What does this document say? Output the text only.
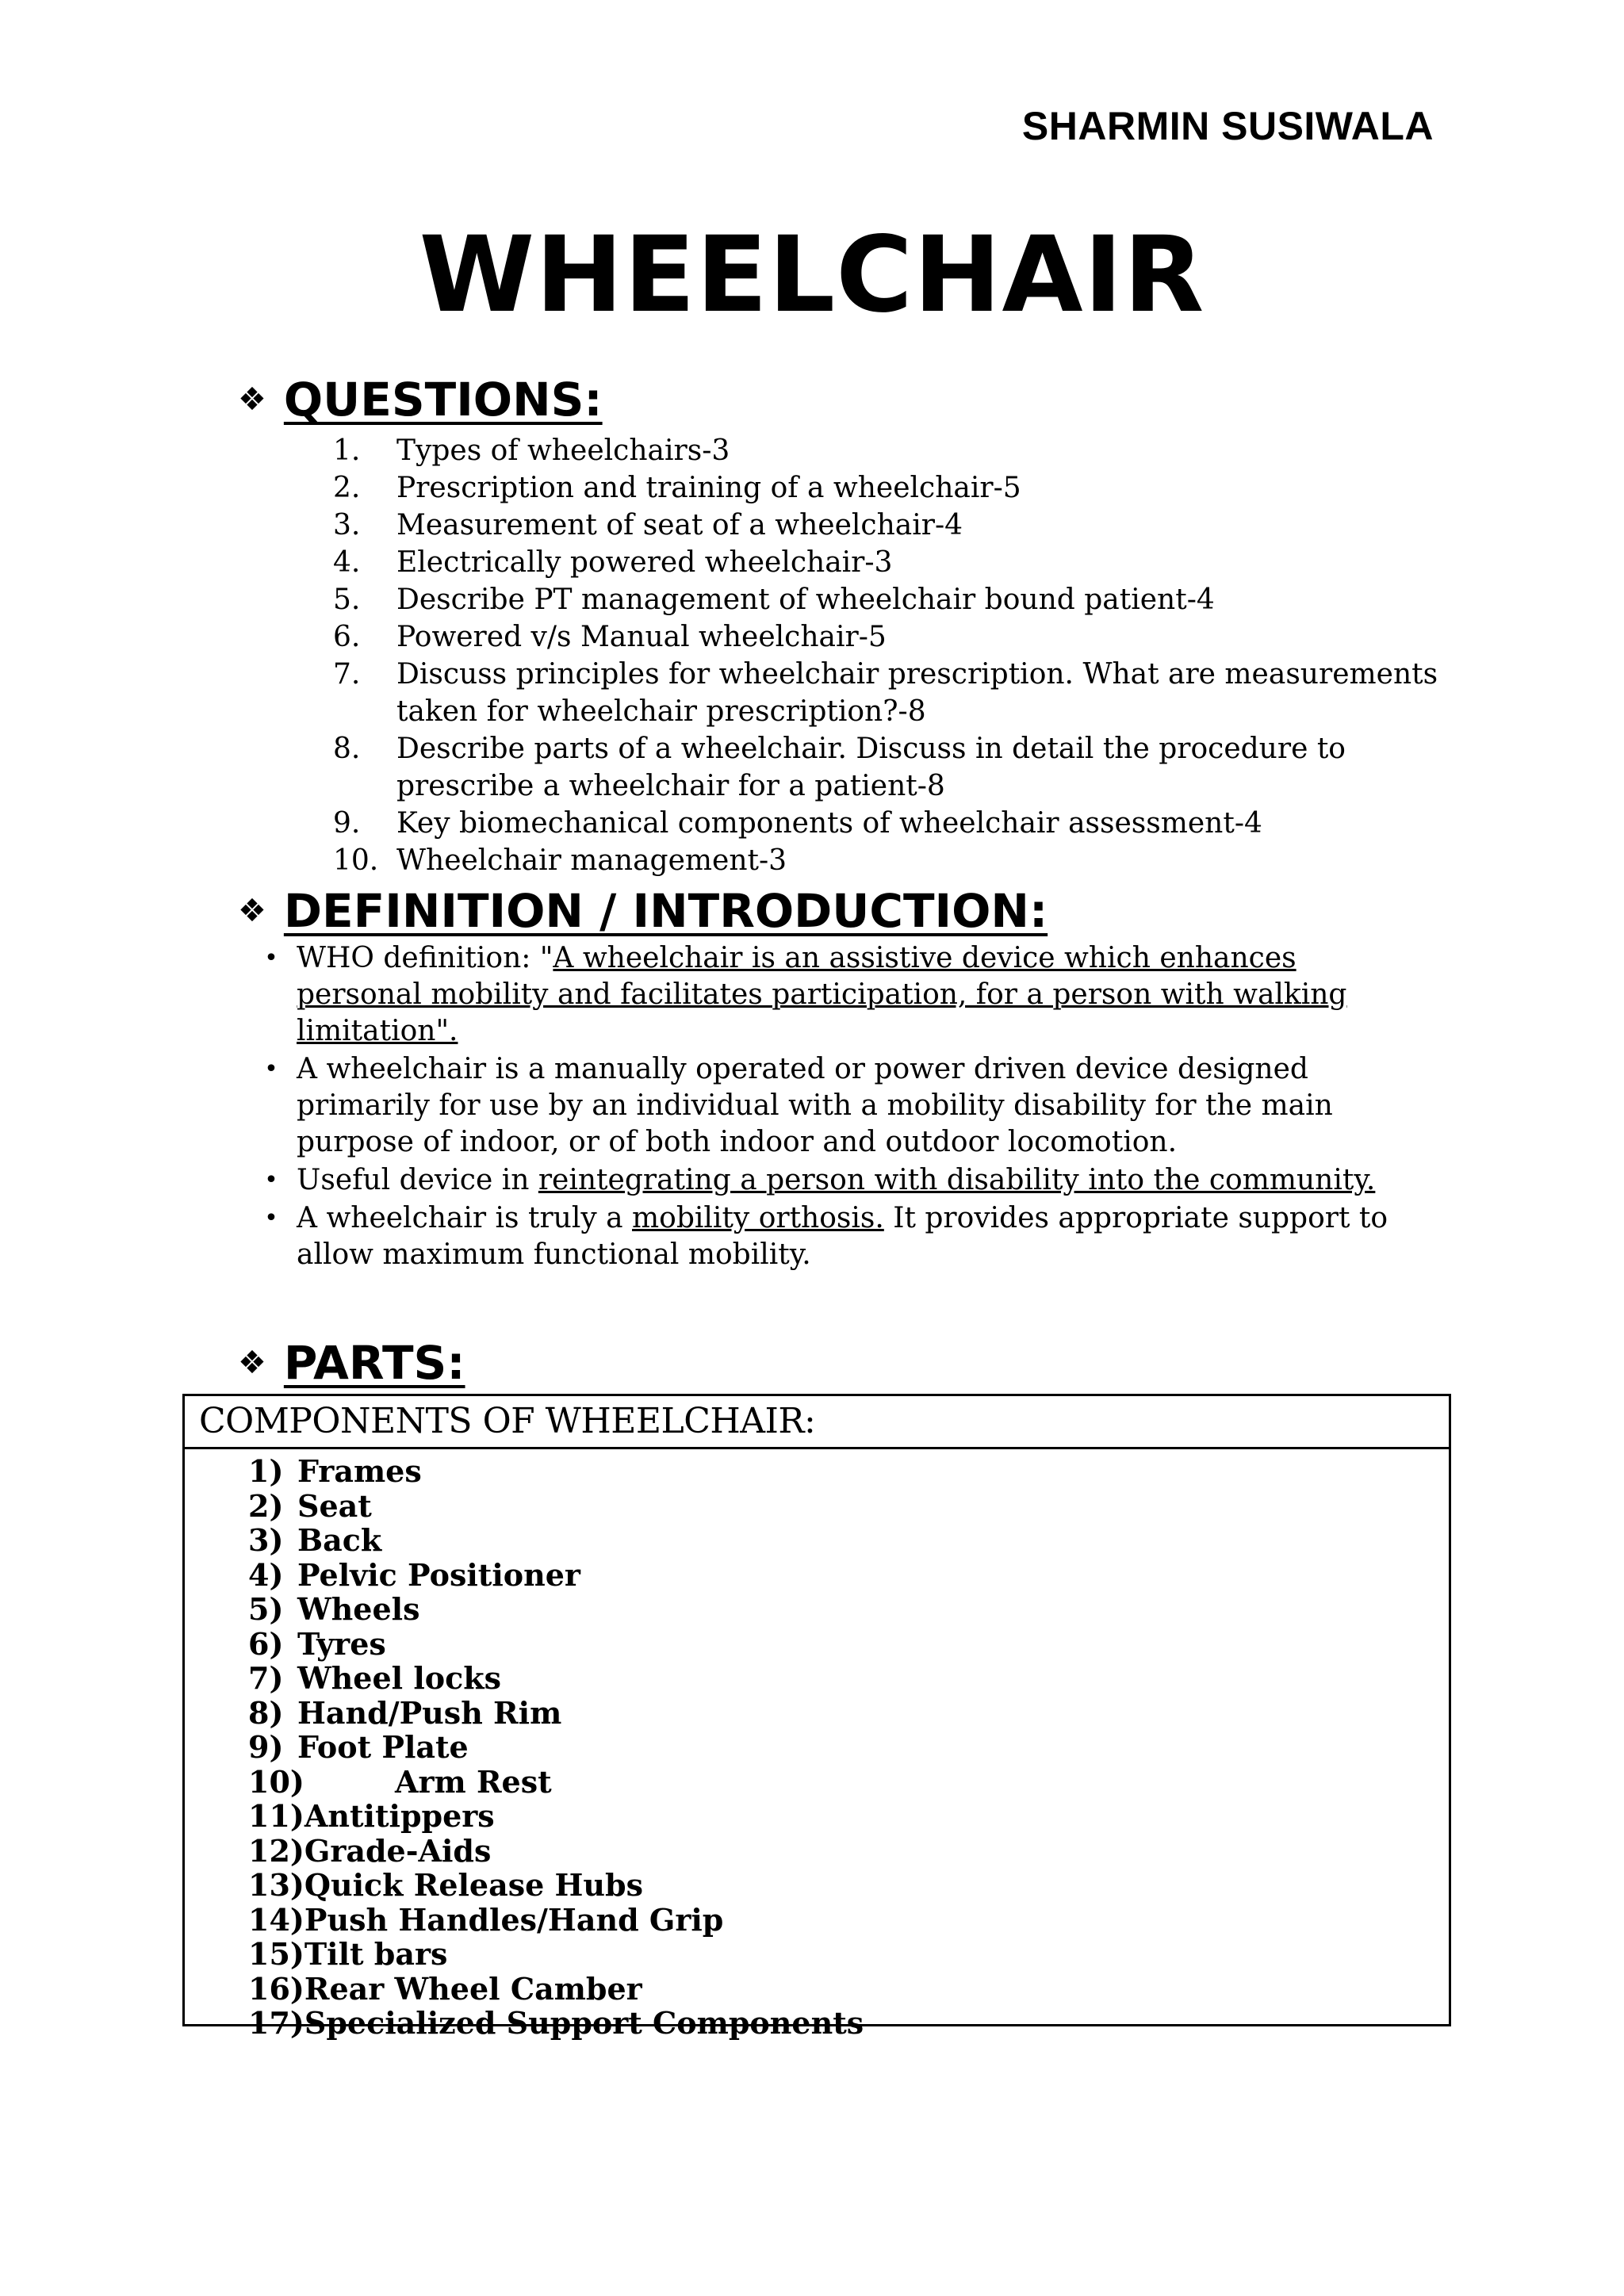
SHARMIN SUSIWALA
WHEELCHAIR
❖ QUESTIONS:
1.	Types of wheelchairs-3
2.	Prescription and training of a wheelchair-5
3.	Measurement of seat of a wheelchair-4
4.	Electrically powered wheelchair-3
5.	Describe PT management of wheelchair bound patient-4
6.	Powered v/s Manual wheelchair-5
7.	Discuss principles for wheelchair prescription. What are measurements taken for wheelchair prescription?-8
8.	Describe parts of a wheelchair. Discuss in detail the procedure to prescribe a wheelchair for a patient-8
9.	Key biomechanical components of wheelchair assessment-4
10. Wheelchair management-3
❖ DEFINITION / INTRODUCTION:
• WHO definition: "A wheelchair is an assistive device which enhances personal mobility and facilitates participation, for a person with walking limitation".
• A wheelchair is a manually operated or power driven device designed primarily for use by an individual with a mobility disability for the main purpose of indoor, or of both indoor and outdoor locomotion.
• Useful device in reintegrating a person with disability into the community.
• A wheelchair is truly a mobility orthosis. It provides appropriate support to allow maximum functional mobility.
❖ PARTS:
COMPONENTS OF WHEELCHAIR:
1) Frames
2) Seat
3) Back
4) Pelvic Positioner
5) Wheels
6) Tyres
7) Wheel locks
8) Hand/Push Rim
9) Foot Plate
10)	Arm Rest
11) Antitippers
12) Grade-Aids
13) Quick Release Hubs
14) Push Handles/Hand Grip
15) Tilt bars
16) Rear Wheel Camber
17) Specialized Support Components
